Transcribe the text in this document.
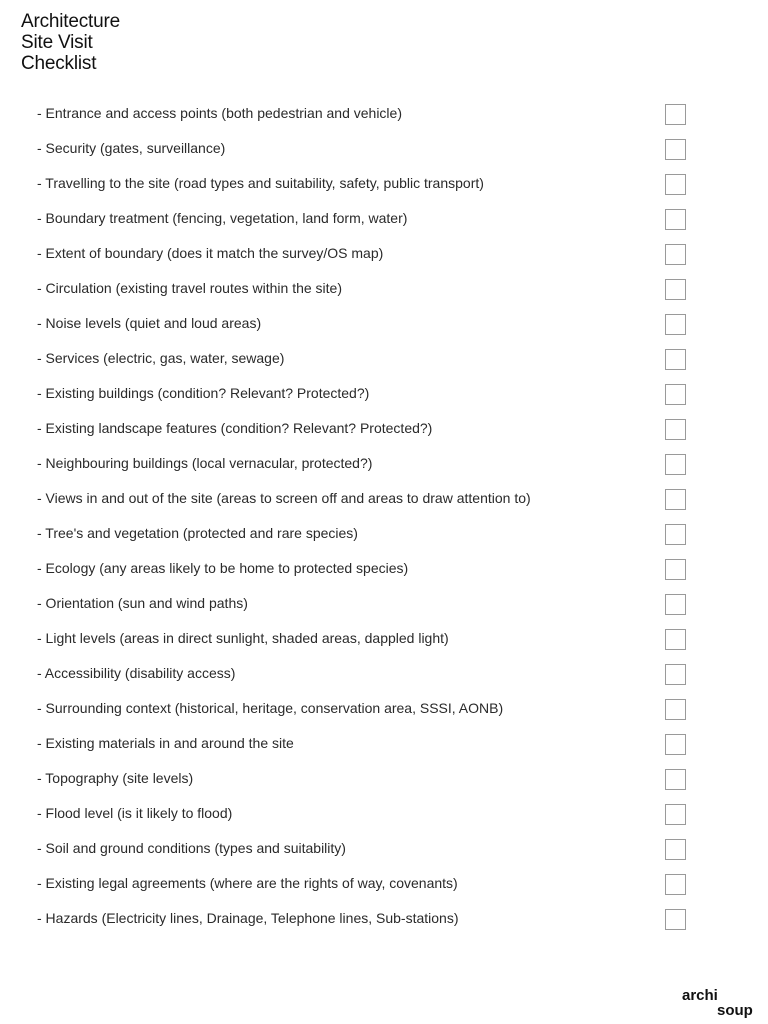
Architecture
Site Visit
Checklist
- Entrance and access points (both pedestrian and vehicle)
- Security (gates, surveillance)
- Travelling to the site (road types and suitability, safety, public transport)
- Boundary treatment (fencing, vegetation, land form, water)
- Extent of boundary (does it match the survey/OS map)
- Circulation (existing travel routes within the site)
- Noise levels (quiet and loud areas)
- Services (electric, gas, water, sewage)
- Existing buildings (condition? Relevant? Protected?)
- Existing landscape features (condition? Relevant? Protected?)
- Neighbouring buildings (local vernacular, protected?)
- Views in and out of the site (areas to screen off and areas to draw attention to)
- Tree's and vegetation (protected and rare species)
- Ecology (any areas likely to be home to protected species)
- Orientation (sun and wind paths)
- Light levels (areas in direct sunlight, shaded areas, dappled light)
- Accessibility (disability access)
- Surrounding context (historical, heritage, conservation area, SSSI, AONB)
- Existing materials in and around the site
- Topography (site levels)
- Flood level (is it likely to flood)
- Soil and ground conditions (types and suitability)
- Existing legal agreements (where are the rights of way, covenants)
- Hazards (Electricity lines, Drainage, Telephone lines, Sub-stations)
archi
soup
